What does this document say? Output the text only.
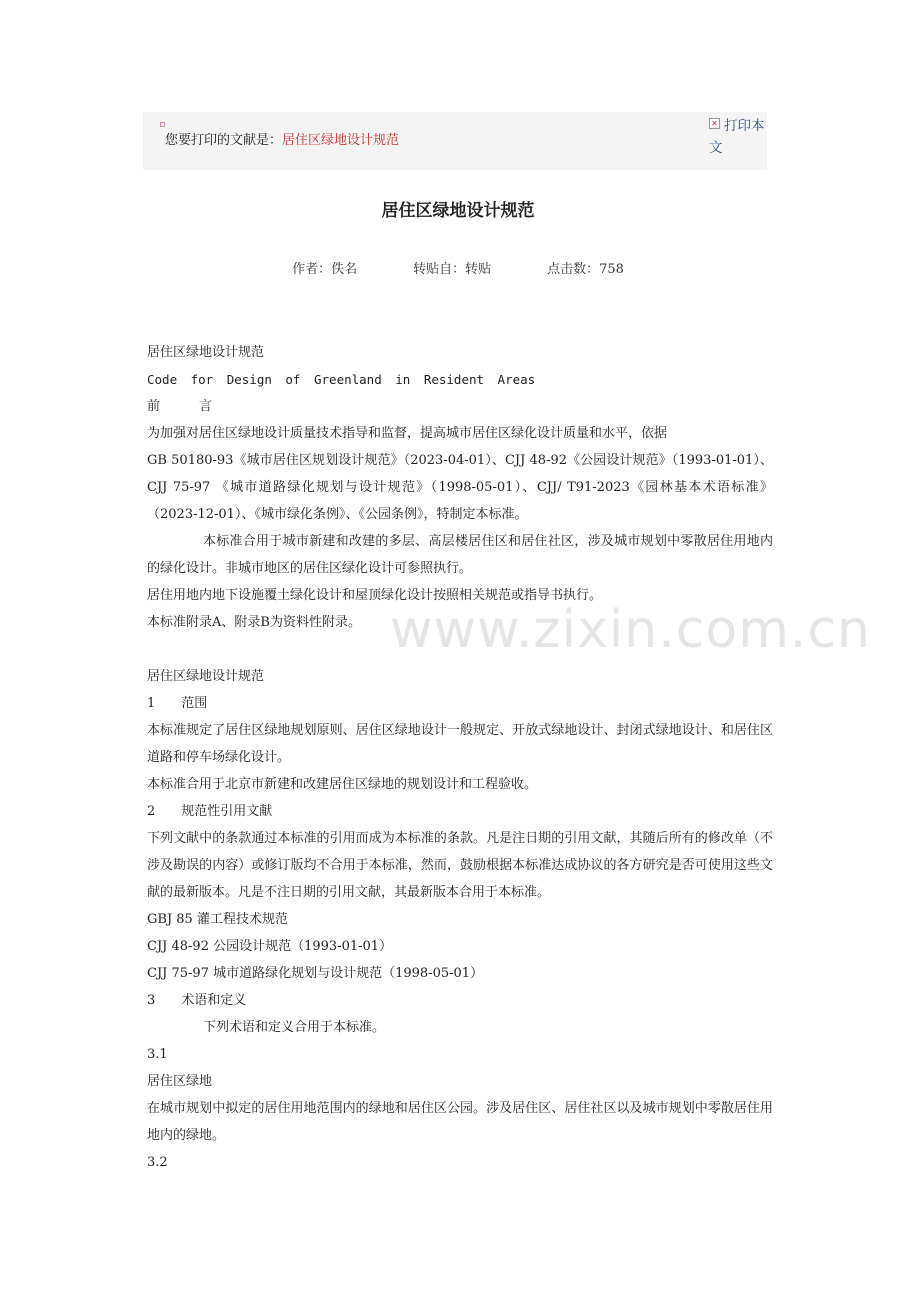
您要打印的文献是：居住区绿地设计规范
✕ 打印本文
居住区绿地设计规范
作者：佚名	转贴自：转贴	点击数：758

居住区绿地设计规范

Code for Design of Greenland in Resident Areas

前　　　言

为加强对居住区绿地设计质量技术指导和监督，提高城市居住区绿化设计质量和水平，依据

GB 50180-93《城市居住区规划设计规范》（2023-04-01）、CJJ 48-92《公园设计规范》（1993-01-01）、CJJ 75-97 《城市道路绿化规划与设计规范》（1998-05-01）、CJJ/ T91-2023《园林基本术语标准》（2023-12-01）、《城市绿化条例》、《公园条例》，特制定本标准。

本标准合用于城市新建和改建的多层、高层楼居住区和居住社区，涉及城市规划中零散居住用地内的绿化设计。非城市地区的居住区绿化设计可参照执行。

居住用地内地下设施覆土绿化设计和屋顶绿化设计按照相关规范或指导书执行。

本标准附录A、附录B为资料性附录。

居住区绿地设计规范

1　　范围

本标准规定了居住区绿地规划原则、居住区绿地设计一般规定、开放式绿地设计、封闭式绿地设计、和居住区道路和停车场绿化设计。

本标准合用于北京市新建和改建居住区绿地的规划设计和工程验收。

2　　规范性引用文献

下列文献中的条款通过本标准的引用而成为本标准的条款。凡是注日期的引用文献，其随后所有的修改单（不涉及勘误的内容）或修订版均不合用于本标准，然而，鼓励根据本标准达成协议的各方研究是否可使用这些文献的最新版本。凡是不注日期的引用文献，其最新版本合用于本标准。

GBJ 85 灌工程技术规范

CJJ 48-92 公园设计规范（1993-01-01）

CJJ 75-97 城市道路绿化规划与设计规范（1998-05-01）

3　　术语和定义

下列术语和定义合用于本标准。

3.1

居住区绿地

在城市规划中拟定的居住用地范围内的绿地和居住区公园。涉及居住区、居住社区以及城市规划中零散居住用地内的绿地。

3.2

www.zixin.com.cn
